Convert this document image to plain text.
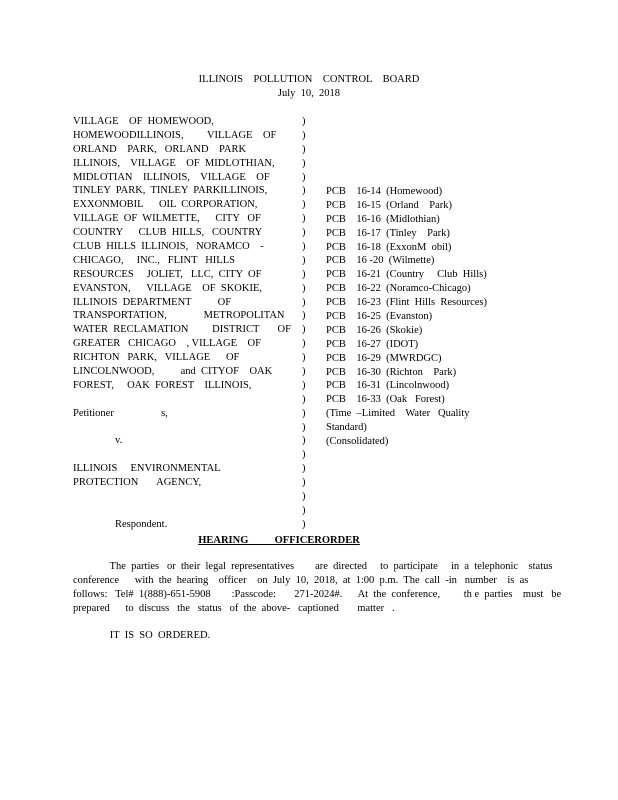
ILLINOIS    POLLUTION    CONTROL    BOARD
July  10,  2018
VILLAGE    OF  HOMEWOOD,
HOMEWOODILLINOIS,         VILLAGE    OF
ORLAND    PARK,   ORLAND    PARK
ILLINOIS,    VILLAGE    OF  MIDLOTHIAN,
MIDLOTIAN    ILLINOIS,    VILLAGE    OF
TINLEY  PARK,  TINLEY  PARKILLINOIS,
EXXONMOBIL      OIL  CORPORATION,
VILLAGE  OF  WILMETTE,      CITY   OF
COUNTRY      CLUB  HILLS,   COUNTRY
CLUB  HILLS  ILLINOIS,   NORAMCO    -
CHICAGO,     INC.,   FLINT   HILLS
RESOURCES     JOLIET,   LLC,  CITY  OF
EVANSTON,      VILLAGE    OF  SKOKIE,
ILLINOIS  DEPARTMENT          OF
TRANSPORTATION,              METROPOLITAN
WATER  RECLAMATION         DISTRICT       OF
GREATER   CHICAGO    , VILLAGE    OF
RICHTON   PARK,   VILLAGE      OF
LINCOLNWOOD,          and  CITYOF    OAK
FOREST,     OAK  FOREST    ILLINOIS,
Petitioner                  s,
v.
ILLINOIS     ENVIRONMENTAL
PROTECTION       AGENCY,
Respondent.
)
)
)
)
)
)
)
)
)
)
)
)
)
)
)
)
)
)
)
)
)
)
)
)
)
)
)
)
)
)
PCB    16-14  (Homewood)
PCB    16-15  (Orland    Park)
PCB    16-16  (Midlothian)
PCB    16-17  (Tinley    Park)
PCB    16-18  (ExxonM  obil)
PCB    16 -20  (Wilmette)
PCB    16-21  (Country     Club  Hills)
PCB    16-22  (Noramco-Chicago)
PCB    16-23  (Flint  Hills  Resources)
PCB    16-25  (Evanston)
PCB    16-26  (Skokie)
PCB    16-27  (IDOT)
PCB    16-29  (MWRDGC)
PCB    16-30  (Richton    Park)
PCB    16-31  (Lincolnwood)
PCB    16-33  (Oak   Forest)
(Time  –Limited    Water   Quality
Standard)
(Consolidated)
HEARING          OFFICERORDER
The  parties   or  their  legal  representatives        are  directed     to  participate     in  a  telephonic    status
conference      with  the  hearing    officer    on  July  10,  2018,  at  1:00  p.m.  The  call  -in   number    is  as
follows:   Tel#  1(888)-651-5908        :Passcode:       271-2024#.      At  the  conference,         th e  parties    must   be
prepared      to  discuss   the   status   of  the  above-   captioned       matter   .
IT  IS  SO  ORDERED.
